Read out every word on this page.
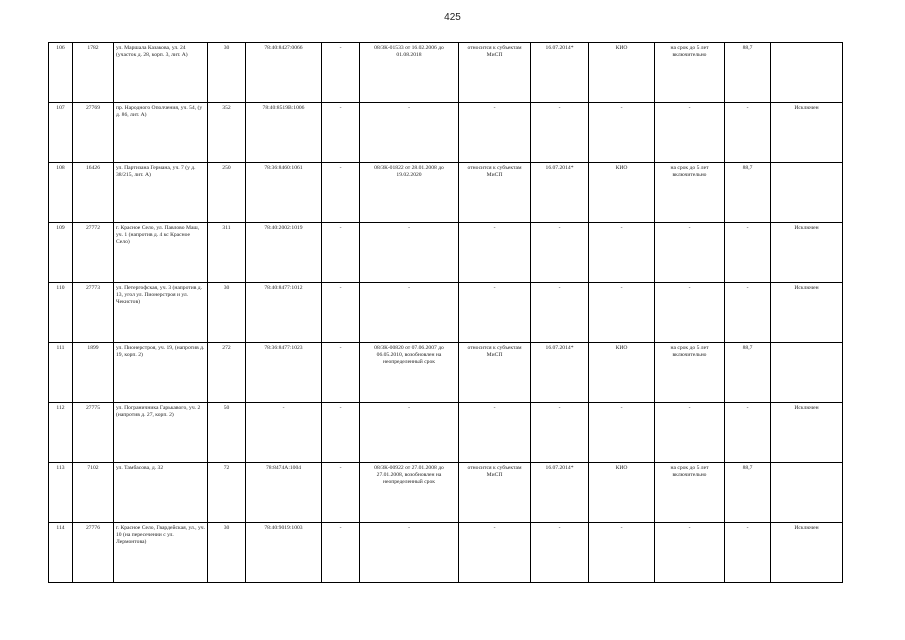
425
106	1782	ул. Маршала Казакова, ул. 24 (участок д. 28, корп. 3, лит. А)	30	78:40:8427:0066	-	08/ЗК-01533 от 16.02.2006 до 01.08.2018	относится к субъектам МиСП	16.07.2014*	КИО	на срок до 5 лет включительно	88,7	
107	27769	пр. Народного Ополчения, уч. 54, (у д. 86, лит. А)	352	78:40:8519В:1006	-	-	-	-	-	-	-	Исключен
108	16426	ул. Партизана Германа, уч. 7 (у д. 38/215, лит. А)	250	78:36:8460:1061	-	08/ЗК-01822 от 28.01.2008 до 19.02.2020	относится к субъектам МиСП	16.07.2014*	КИО	на срок до 5 лет включительно	88,7	
109	27772	г. Красное Село, ул. Павлово Маш, уч. 1 (напротив д. 4 кс Красное Село)	311	78:40:2002:1019	-	-	-	-	-	-	-	Исключен
110	27773	ул. Петергофская, уч. 3 (напротив д. 13, угол ул. Пионерстроя и ул. Чекистов)	30	78:40:8477:1012	-	-	-	-	-	-	-	Исключен
111	1899	ул. Пионерстроя, уч. 19, (напротив д. 19, корп. 2)	272	78:36:8477:1023	-	08/ЗК-00820 от 07.06.2007 до 06.05.2010, возобновлен на неопределенный срок	относится к субъектам МиСП	16.07.2014*	КИО	на срок до 5 лет включительно	88,7	
112	27775	ул. Пограничника Гарькавого, уч. 2 (напротив д. 27, корп. 2)	50	-	-	-	-	-	-	-	-	Исключен
113	7102	ул. Тамбасова, д. 32	72	78:8474А:1004	-	08/ЗК-00922 от 27.01.2008 до 27.01.2008, возобновлен на неопределенный срок	относится к субъектам МиСП	16.07.2014*	КИО	на срок до 5 лет включительно	88,7	
114	27776	г. Красное Село, Гвардейская, ул., уч. 10 (на пересечении с ул. Лермонтова)	30	78:40:9019:1003	-	-	-	-	-	-	-	Исключен
